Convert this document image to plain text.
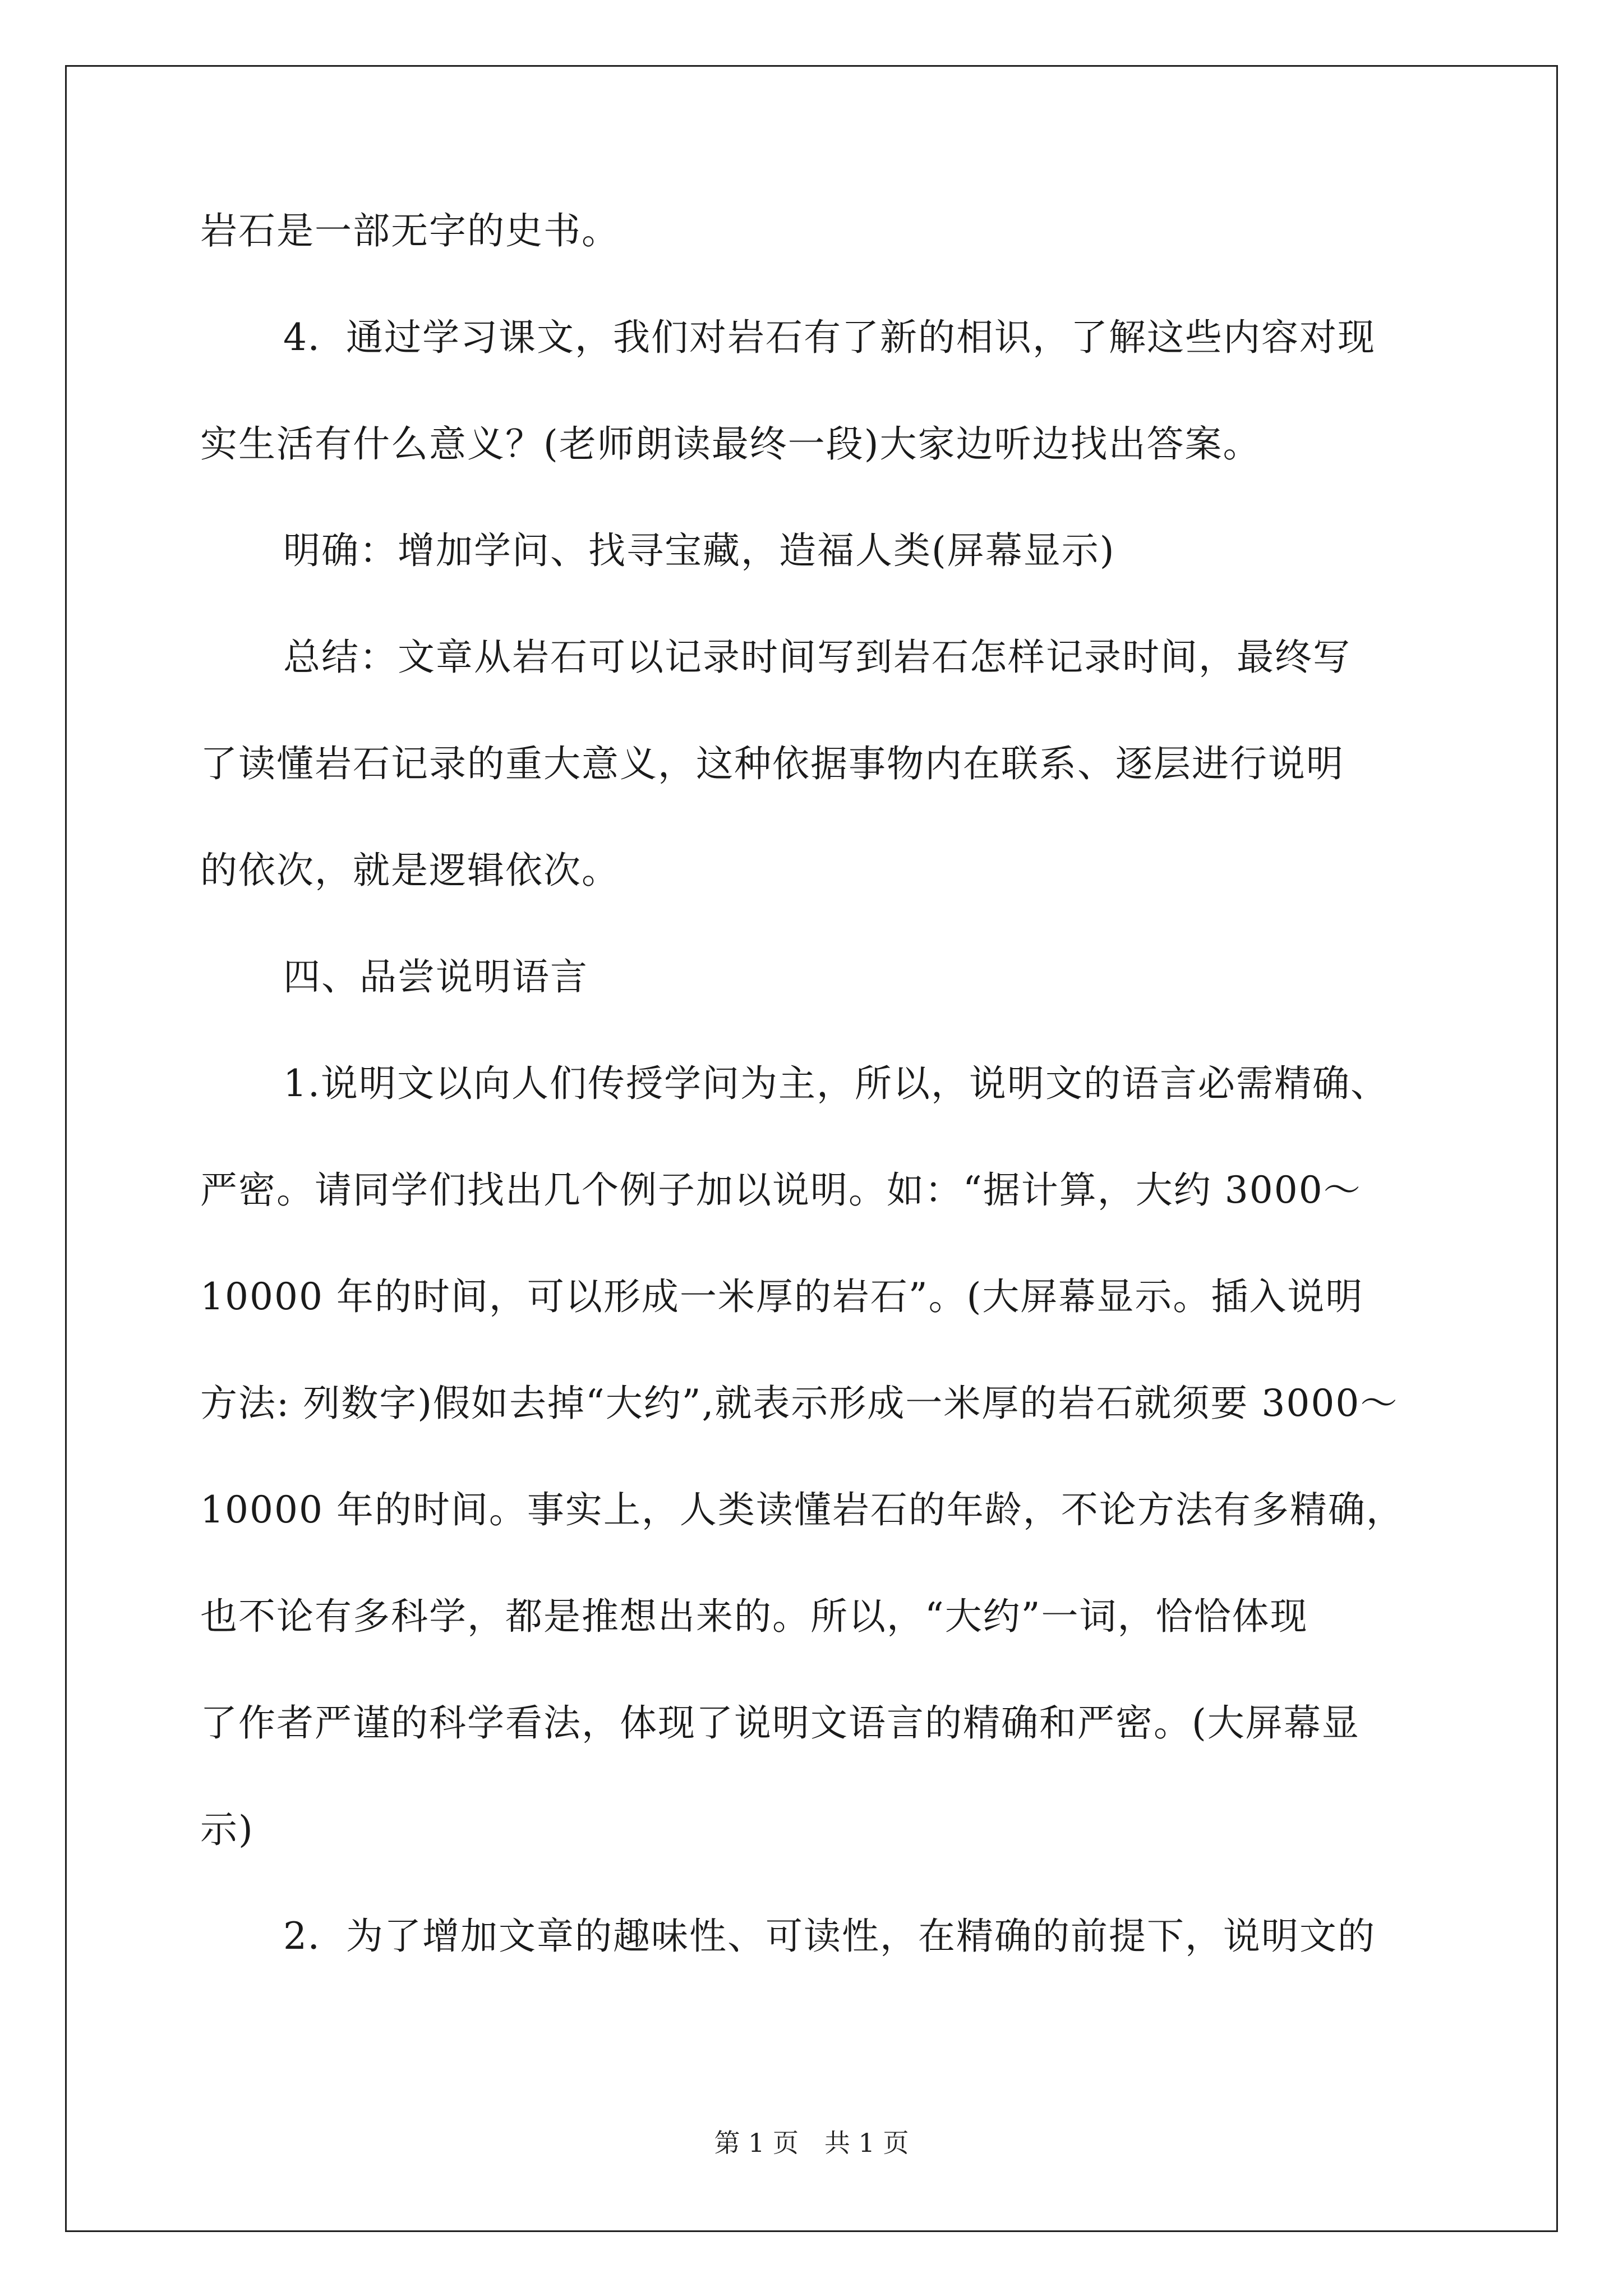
岩石是一部无字的史书。
4．通过学习课文，我们对岩石有了新的相识，了解这些内容对现
实生活有什么意义？(老师朗读最终一段)大家边听边找出答案。
明确：增加学问、找寻宝藏，造福人类(屏幕显示)
总结：文章从岩石可以记录时间写到岩石怎样记录时间，最终写
了读懂岩石记录的重大意义，这种依据事物内在联系、逐层进行说明
的依次，就是逻辑依次。
四、品尝说明语言
1.说明文以向人们传授学问为主，所以，说明文的语言必需精确、
严密。请同学们找出几个例子加以说明。如：“据计算，大约 3000～
10000 年的时间，可以形成一米厚的岩石”。(大屏幕显示。插入说明
方法: 列数字)假如去掉“大约”,就表示形成一米厚的岩石就须要 3000～
10000 年的时间。事实上，人类读懂岩石的年龄，不论方法有多精确，
也不论有多科学，都是推想出来的。所以，“大约”一词，恰恰体现
了作者严谨的科学看法，体现了说明文语言的精确和严密。(大屏幕显
示)
2．为了增加文章的趣味性、可读性，在精确的前提下，说明文的
第 1 页　共 1 页
